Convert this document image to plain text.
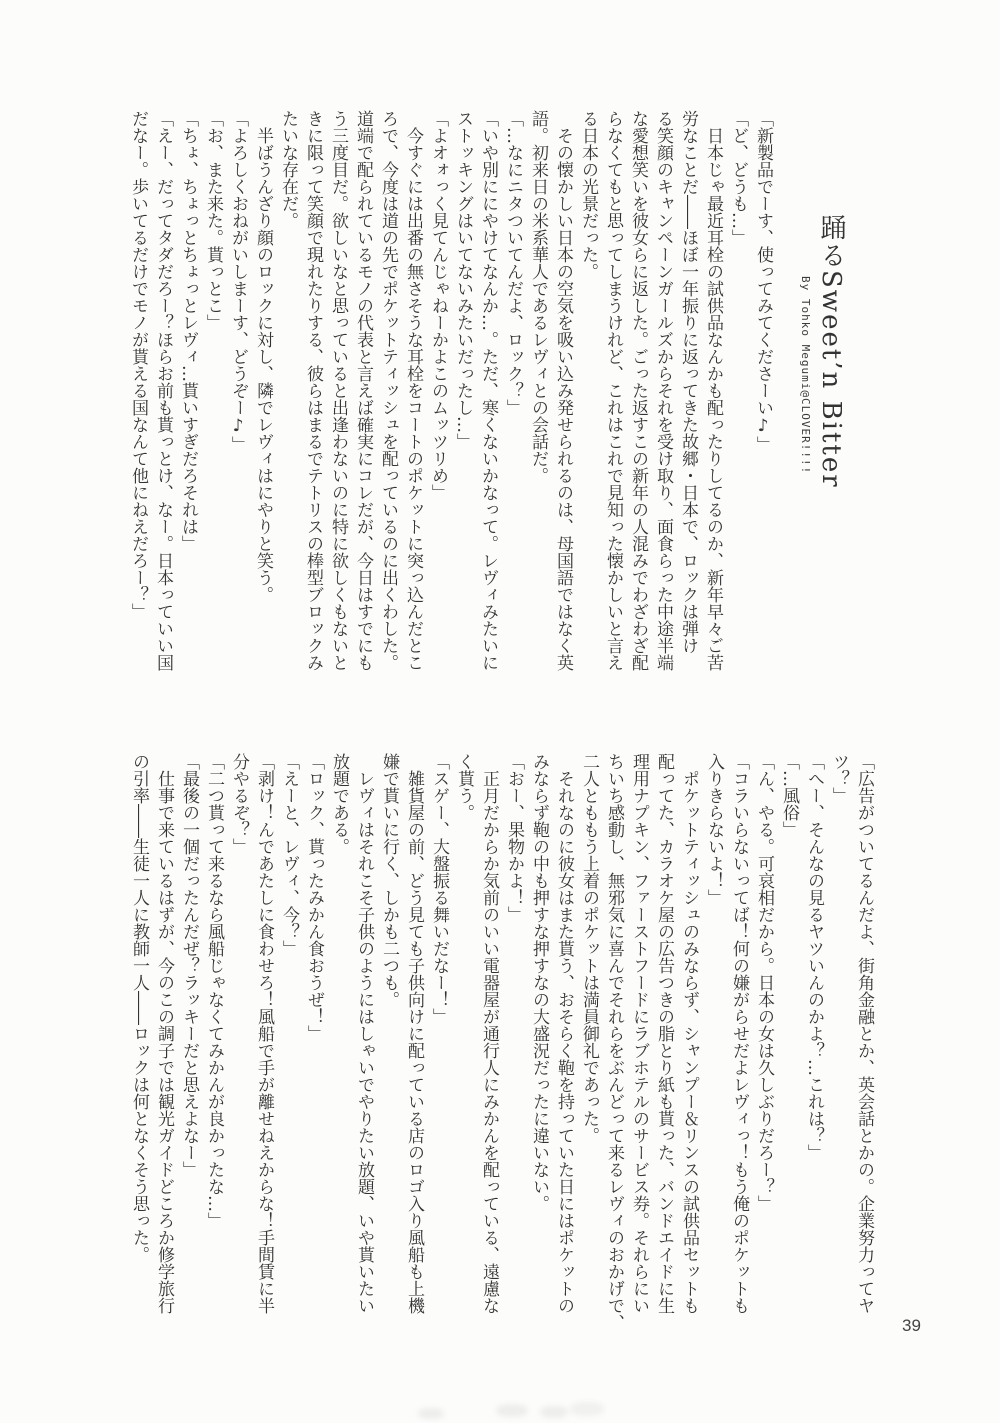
踊るSweet’n Bitter
By Tohko Megumi@CLOVER!!!!
「新製品でーす、使ってみてくださーい♪」
「ど、どうも…」
　日本じゃ最近耳栓の試供品なんかも配ったりしてるのか、新年早々ご苦
労なことだ――ほぼ一年振りに返ってきた故郷・日本で、ロックは弾け
る笑顔のキャンペーンガールズからそれを受け取り、面食らった中途半端
な愛想笑いを彼女らに返した。ごった返すこの新年の人混みでわざわざ配
らなくてもと思ってしまうけれど、これはこれで見知った懐かしいと言え
る日本の光景だった。
　その懐かしい日本の空気を吸い込み発せられるのは、母国語ではなく英
語。初来日の米系華人であるレヴィとの会話だ。
「…なにニタついてんだよ、ロック？」
「いや別ににやけてなんか…。ただ、寒くないかなって。レヴィみたいに
ストッキングはいてないみたいだったし…」
「よオォっく見てんじゃねーかよこのムッツリめ」
　今すぐには出番の無さそうな耳栓をコートのポケットに突っ込んだとこ
ろで、今度は道の先でポケットティッシュを配っているのに出くわした。
道端で配られているモノの代表と言えば確実にコレだが、今日はすでにも
う三度目だ。欲しいなと思っていると出逢わないのに特に欲しくもないと
きに限って笑顔で現れたりする、彼らはまるでテトリスの棒型ブロックみ
たいな存在だ。
　半ばうんざり顔のロックに対し、隣でレヴィはにやりと笑う。
「よろしくおねがいしまーす、どうぞー♪」
「お、また来た。貰っとこ」
「ちょ、ちょっとちょっとレヴィ…貰いすぎだろそれは」
「えー、だってタダだろー？ほらお前も貰っとけ、なー。日本っていい国
だなー。歩いてるだけでモノが貰える国なんて他にねえだろー？」
「広告がついてるんだよ、街角金融とか、英会話とかの。企業努力ってヤ
ツ？」
「へー、そんなの見るヤツいんのかよ？…これは？」
「…風俗」
「ん、やる。可哀相だから。日本の女は久しぶりだろー？」
「コラいらないってば！何の嫌がらせだよレヴィっ！もう俺のポケットも
入りきらないよ！」
　ポケットティッシュのみならず、シャンプー＆リンスの試供品セットも
配ってた、カラオケ屋の広告つきの脂とり紙も貰った、バンドエイドに生
理用ナプキン、ファーストフードにラブホテルのサービス券。それらにい
ちいち感動し、無邪気に喜んでそれらをぶんどって来るレヴィのおかげで、
二人とももう上着のポケットは満員御礼であった。
　それなのに彼女はまた貰う、おそらく鞄を持っていた日にはポケットの
みならず鞄の中も押すな押すなの大盛況だったに違いない。
「おー、果物かよ！」
　正月だからか気前のいい電器屋が通行人にみかんを配っている、遠慮な
く貰う。
「スゲー、大盤振る舞いだなー！」
　雑貨屋の前、どう見ても子供向けに配っている店のロゴ入り風船も上機
嫌で貰いに行く、しかも二つも。
　レヴィはそれこそ子供のようにはしゃいでやりたい放題、いや貰いたい
放題である。
「ロック、貰ったみかん食おうぜ！」
「えーと、レヴィ、今？」
「剥け！んであたしに食わせろ！風船で手が離せねえからな！手間賃に半
分やるぞ？」
「二つ貰って来るなら風船じゃなくてみかんが良かったな…」
「最後の一個だったんだぜ？ラッキーだと思えよなー」
　仕事で来ているはずが、今のこの調子では観光ガイドどころか修学旅行
の引率――生徒一人に教師一人――ロックは何となくそう思った。
39
